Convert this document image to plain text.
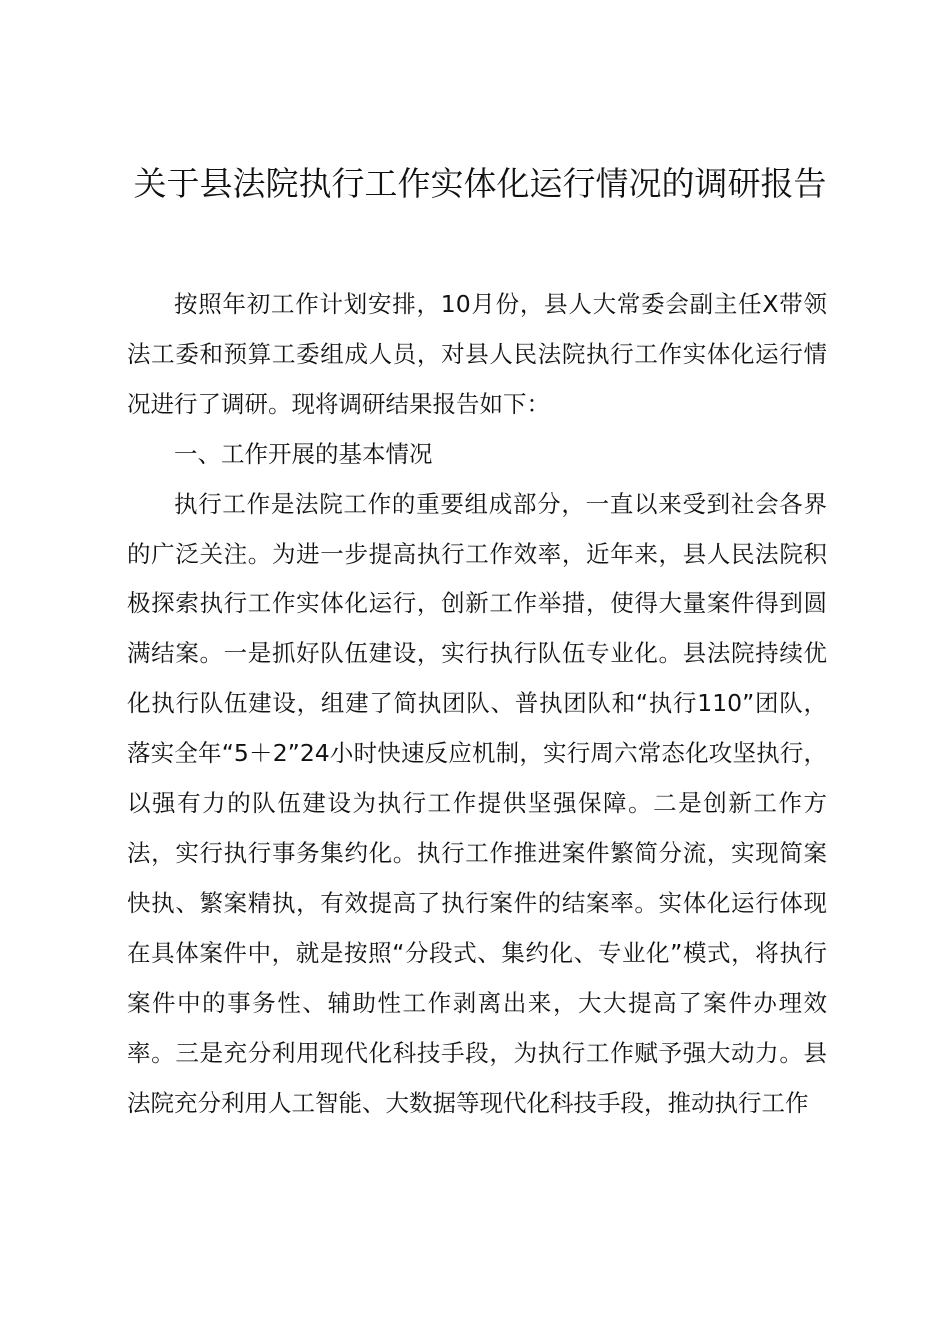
关于县法院执行工作实体化运行情况的调研报告

按照年初工作计划安排，10月份，县人大常委会副主任X带领法工委和预算工委组成人员，对县人民法院执行工作实体化运行情况进行了调研。现将调研结果报告如下：

一、工作开展的基本情况

执行工作是法院工作的重要组成部分，一直以来受到社会各界的广泛关注。为进一步提高执行工作效率，近年来，县人民法院积极探索执行工作实体化运行，创新工作举措，使得大量案件得到圆满结案。一是抓好队伍建设，实行执行队伍专业化。县法院持续优化执行队伍建设，组建了简执团队、普执团队和“执行110”团队，落实全年“5＋2”24小时快速反应机制，实行周六常态化攻坚执行，以强有力的队伍建设为执行工作提供坚强保障。二是创新工作方法，实行执行事务集约化。执行工作推进案件繁简分流，实现简案快执、繁案精执，有效提高了执行案件的结案率。实体化运行体现在具体案件中，就是按照“分段式、集约化、专业化”模式，将执行案件中的事务性、辅助性工作剥离出来，大大提高了案件办理效率。三是充分利用现代化科技手段，为执行工作赋予强大动力。县法院充分利用人工智能、大数据等现代化科技手段，推动执行工作
